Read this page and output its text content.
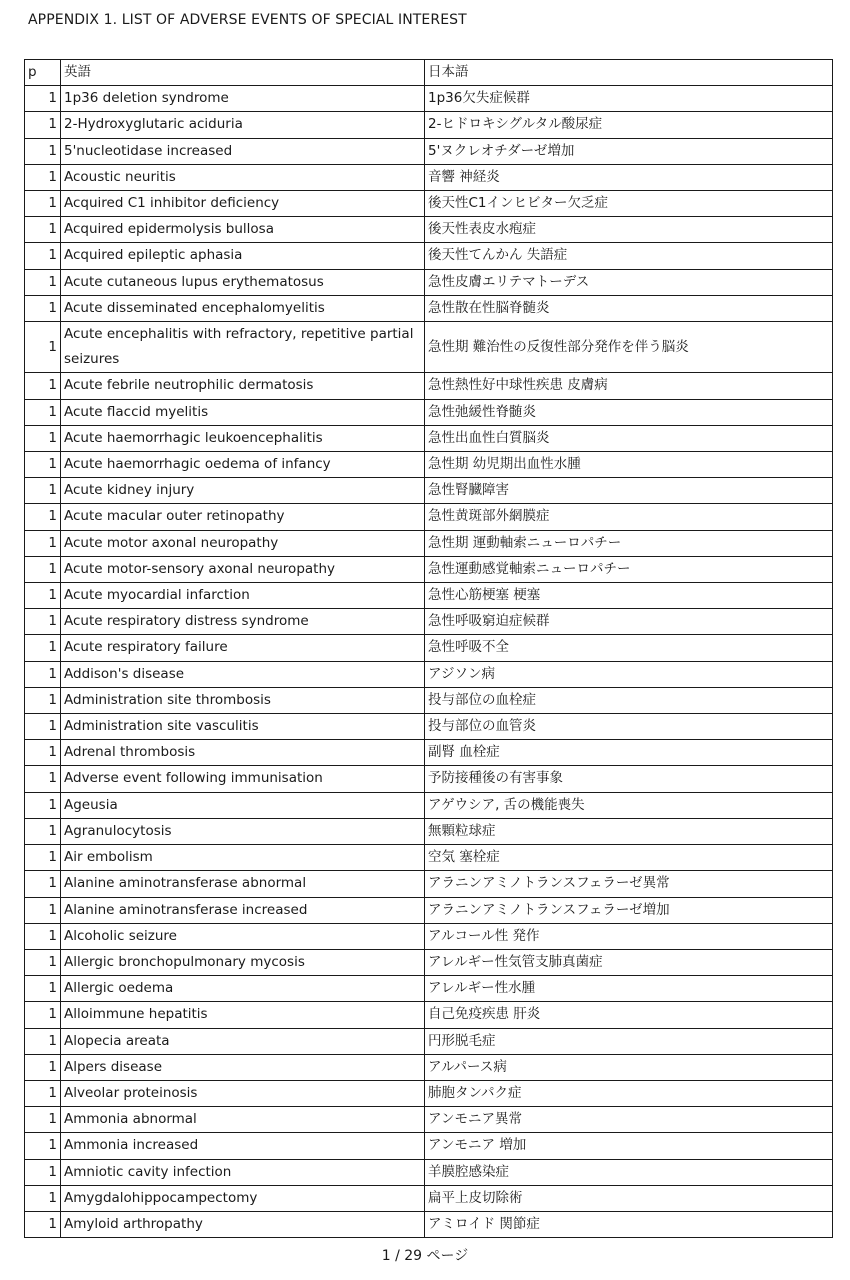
APPENDIX 1. LIST OF ADVERSE EVENTS OF SPECIAL INTEREST
p	英語	日本語
1	1p36 deletion syndrome	1p36欠失症候群
1	2-Hydroxyglutaric aciduria	2-ヒドロキシグルタル酸尿症
1	5'nucleotidase increased	5'ヌクレオチダーゼ増加
1	Acoustic neuritis	音響 神経炎
1	Acquired C1 inhibitor deficiency	後天性C1インヒビター欠乏症
1	Acquired epidermolysis bullosa	後天性表皮水疱症
1	Acquired epileptic aphasia	後天性てんかん 失語症
1	Acute cutaneous lupus erythematosus	急性皮膚エリテマトーデス
1	Acute disseminated encephalomyelitis	急性散在性脳脊髄炎
1	Acute encephalitis with refractory, repetitive partial seizures	急性期 難治性の反復性部分発作を伴う脳炎
1	Acute febrile neutrophilic dermatosis	急性熱性好中球性疾患 皮膚病
1	Acute flaccid myelitis	急性弛緩性脊髄炎
1	Acute haemorrhagic leukoencephalitis	急性出血性白質脳炎
1	Acute haemorrhagic oedema of infancy	急性期 幼児期出血性水腫
1	Acute kidney injury	急性腎臓障害
1	Acute macular outer retinopathy	急性黄斑部外網膜症
1	Acute motor axonal neuropathy	急性期 運動軸索ニューロパチー
1	Acute motor-sensory axonal neuropathy	急性運動感覚軸索ニューロパチー
1	Acute myocardial infarction	急性心筋梗塞 梗塞
1	Acute respiratory distress syndrome	急性呼吸窮迫症候群
1	Acute respiratory failure	急性呼吸不全
1	Addison's disease	アジソン病
1	Administration site thrombosis	投与部位の血栓症
1	Administration site vasculitis	投与部位の血管炎
1	Adrenal thrombosis	副腎 血栓症
1	Adverse event following immunisation	予防接種後の有害事象
1	Ageusia	アゲウシア, 舌の機能喪失
1	Agranulocytosis	無顆粒球症
1	Air embolism	空気 塞栓症
1	Alanine aminotransferase abnormal	アラニンアミノトランスフェラーゼ異常
1	Alanine aminotransferase increased	アラニンアミノトランスフェラーゼ増加
1	Alcoholic seizure	アルコール性 発作
1	Allergic bronchopulmonary mycosis	アレルギー性気管支肺真菌症
1	Allergic oedema	アレルギー性水腫
1	Alloimmune hepatitis	自己免疫疾患 肝炎
1	Alopecia areata	円形脱毛症
1	Alpers disease	アルパース病
1	Alveolar proteinosis	肺胞タンパク症
1	Ammonia abnormal	アンモニア異常
1	Ammonia increased	アンモニア 増加
1	Amniotic cavity infection	羊膜腔感染症
1	Amygdalohippocampectomy	扁平上皮切除術
1	Amyloid arthropathy	アミロイド 関節症
1 / 29 ページ
